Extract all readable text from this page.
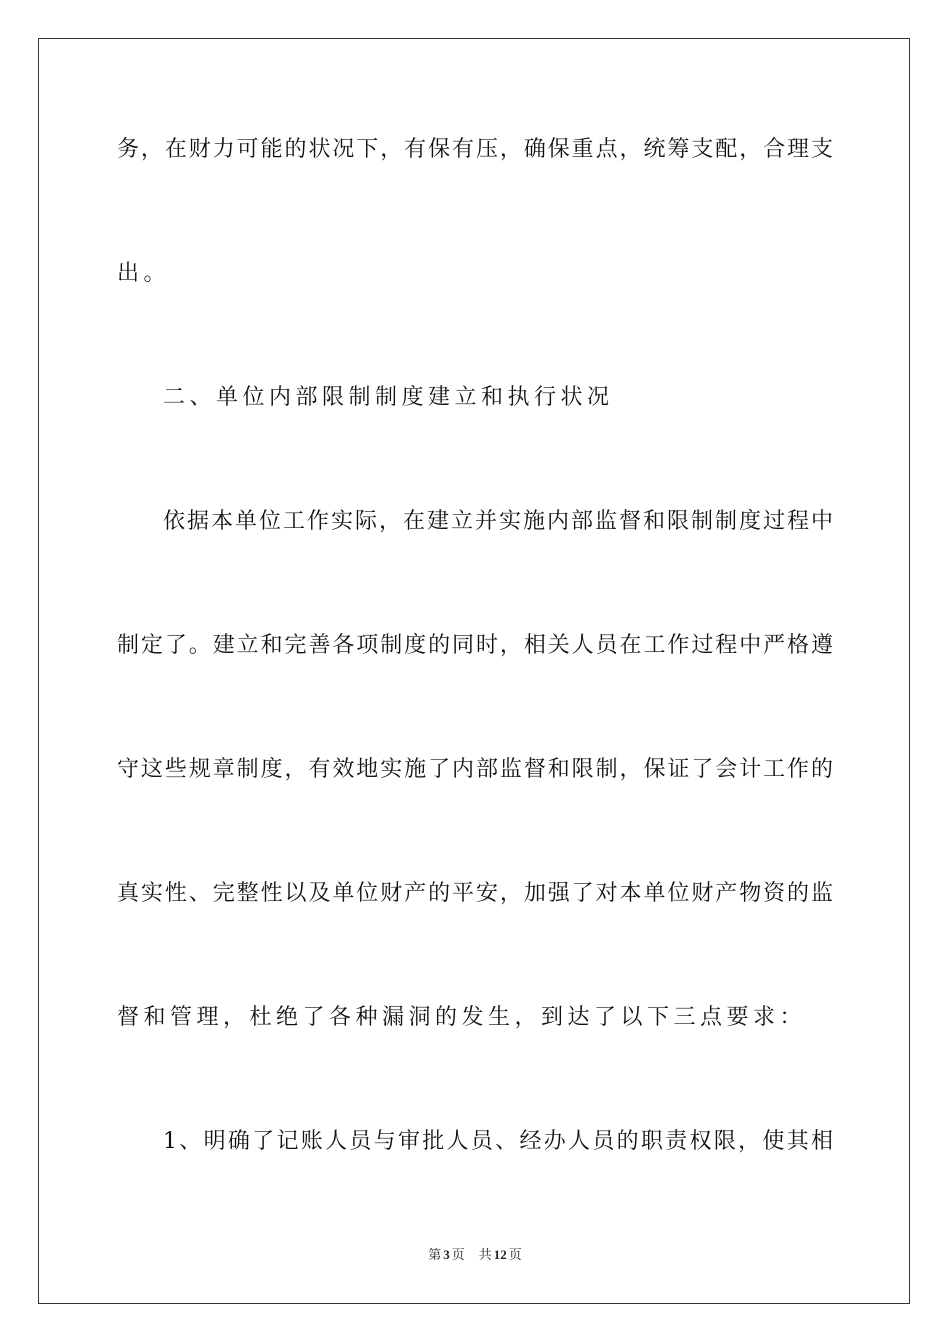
务，在财力可能的状况下，有保有压，确保重点，统筹支配，合理支
出。
二、单位内部限制制度建立和执行状况
依据本单位工作实际，在建立并实施内部监督和限制制度过程中
制定了。建立和完善各项制度的同时，相关人员在工作过程中严格遵
守这些规章制度，有效地实施了内部监督和限制，保证了会计工作的
真实性、完整性以及单位财产的平安，加强了对本单位财产物资的监
督和管理，杜绝了各种漏洞的发生，到达了以下三点要求：
1、明确了记账人员与审批人员、经办人员的职责权限，使其相
第 3 页 共 12 页
